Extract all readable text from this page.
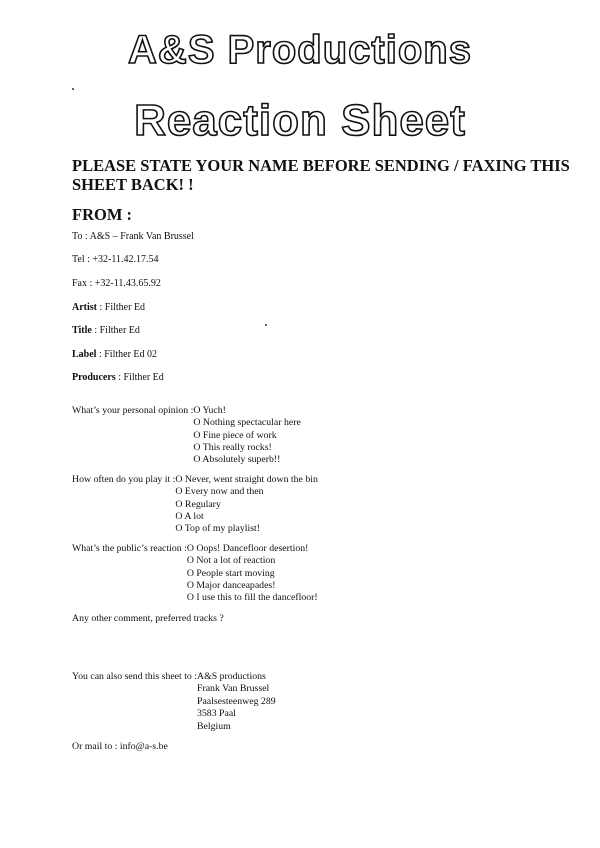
A&S Productions
Reaction Sheet
PLEASE STATE YOUR NAME BEFORE SENDING / FAXING THIS SHEET BACK! !
FROM :
To : A&S – Frank Van Brussel
Tel : +32-11.42.17.54
Fax : +32-11.43.65.92
Artist : Filther Ed
Title : Filther Ed
Label : Filther Ed 02
Producers : Filther Ed
What’s your personal opinion : O Yuch!
O Nothing spectacular here
O Fine piece of work
O This really rocks!
O Absolutely superb!!
How often do you play it : O Never, went straight down the bin
O Every now and then
O Regulary
O A lot
O Top of my playlist!
What’s the public’s reaction : O Oops! Dancefloor desertion!
O Not a lot of reaction
O People start moving
O Major danceapades!
O I use this to fill the dancefloor!
Any other comment, preferred tracks ?
You can also send this sheet to : A&S productions
Frank Van Brussel
Paalsesteenweg 289
3583 Paal
Belgium
Or mail to : info@a-s.be
